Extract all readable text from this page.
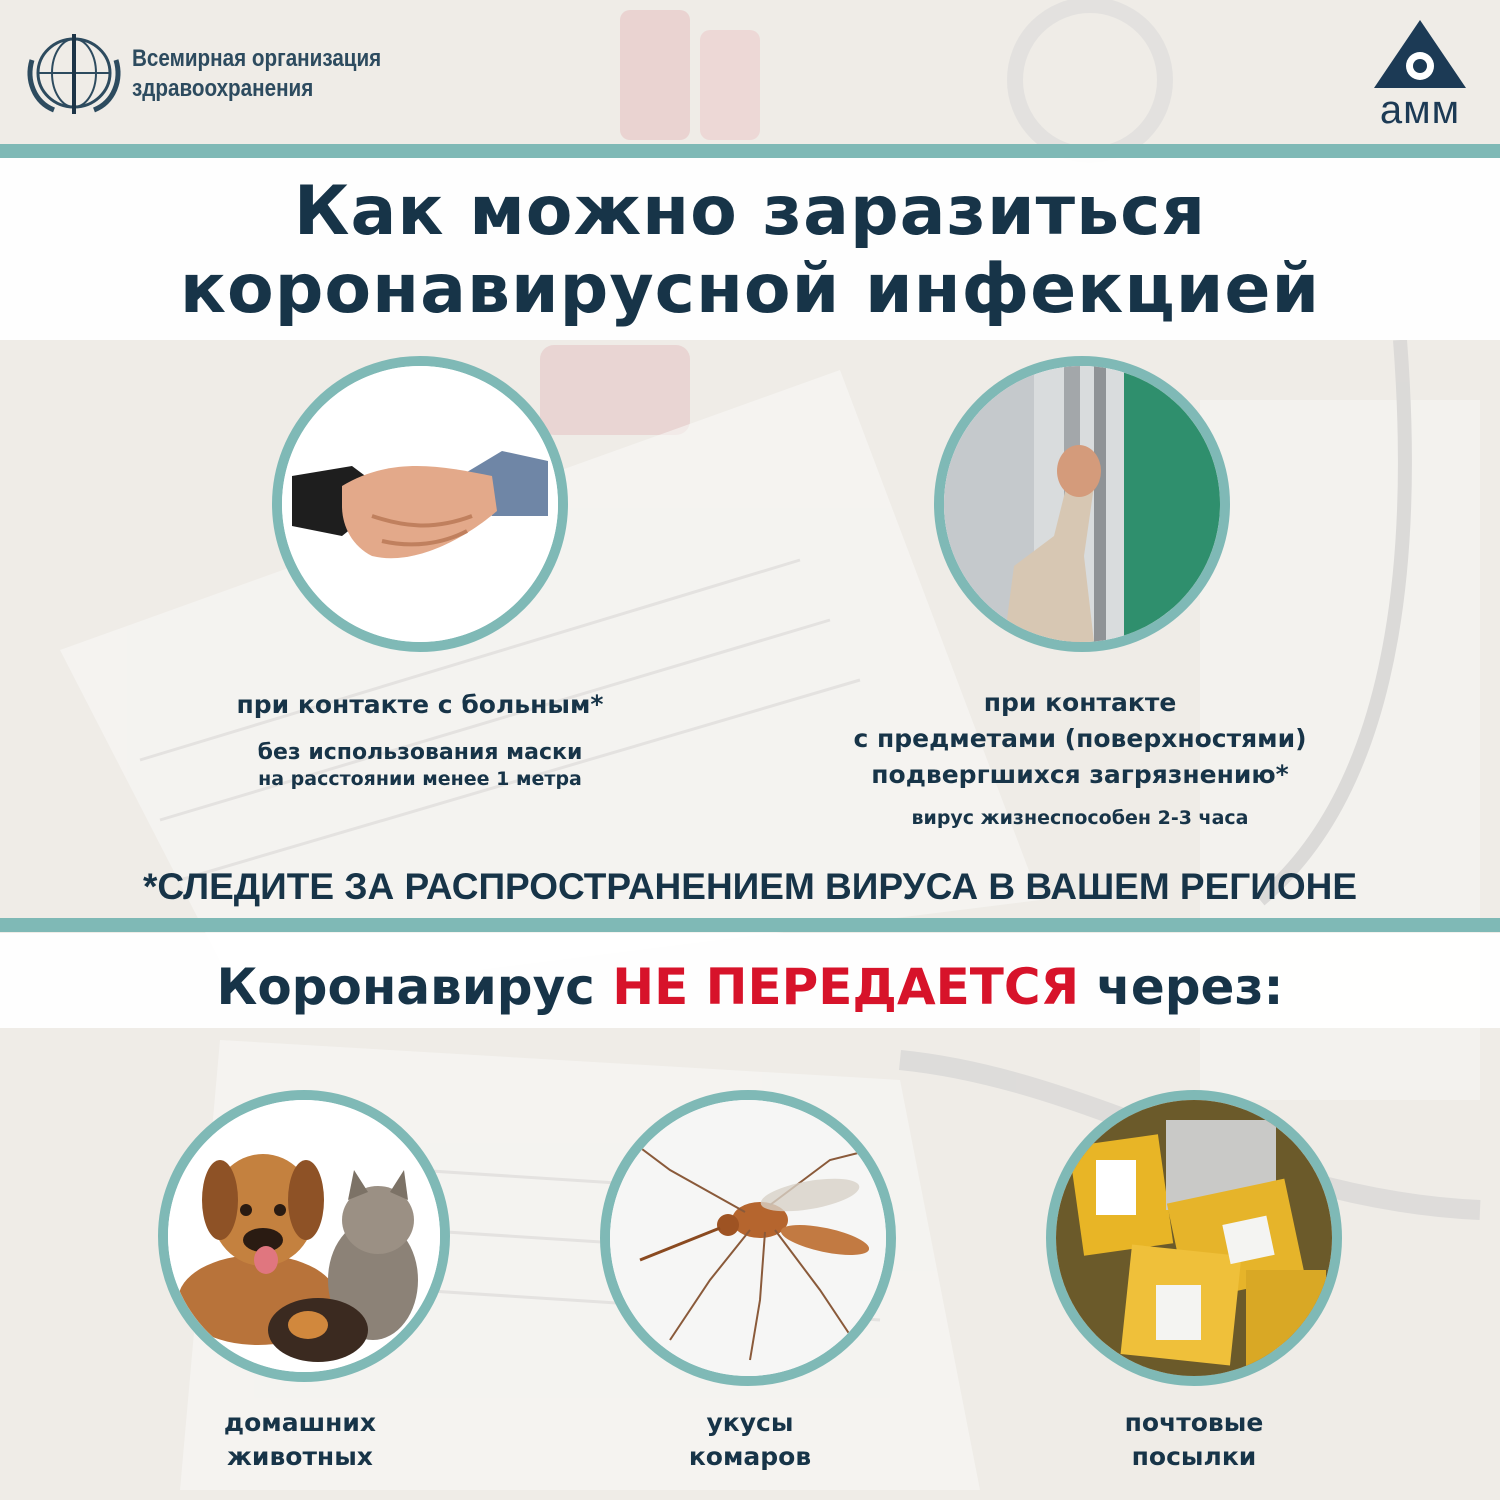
Всемирная организация
здравоохранения	амм
Как можно заразиться
коронавирусной инфекцией
при контакте с больным*
без использования маски
на расстоянии менее 1 метра
при контакте
с предметами (поверхностями)
подвергшихся загрязнению*
вирус жизнеспособен 2-3 часа
*СЛЕДИТЕ ЗА РАСПРОСТРАНЕНИЕМ ВИРУСА В ВАШЕМ РЕГИОНЕ
Коронавирус НЕ ПЕРЕДАЕТСЯ через:
домашних
животных
укусы
комаров
почтовые
посылки
